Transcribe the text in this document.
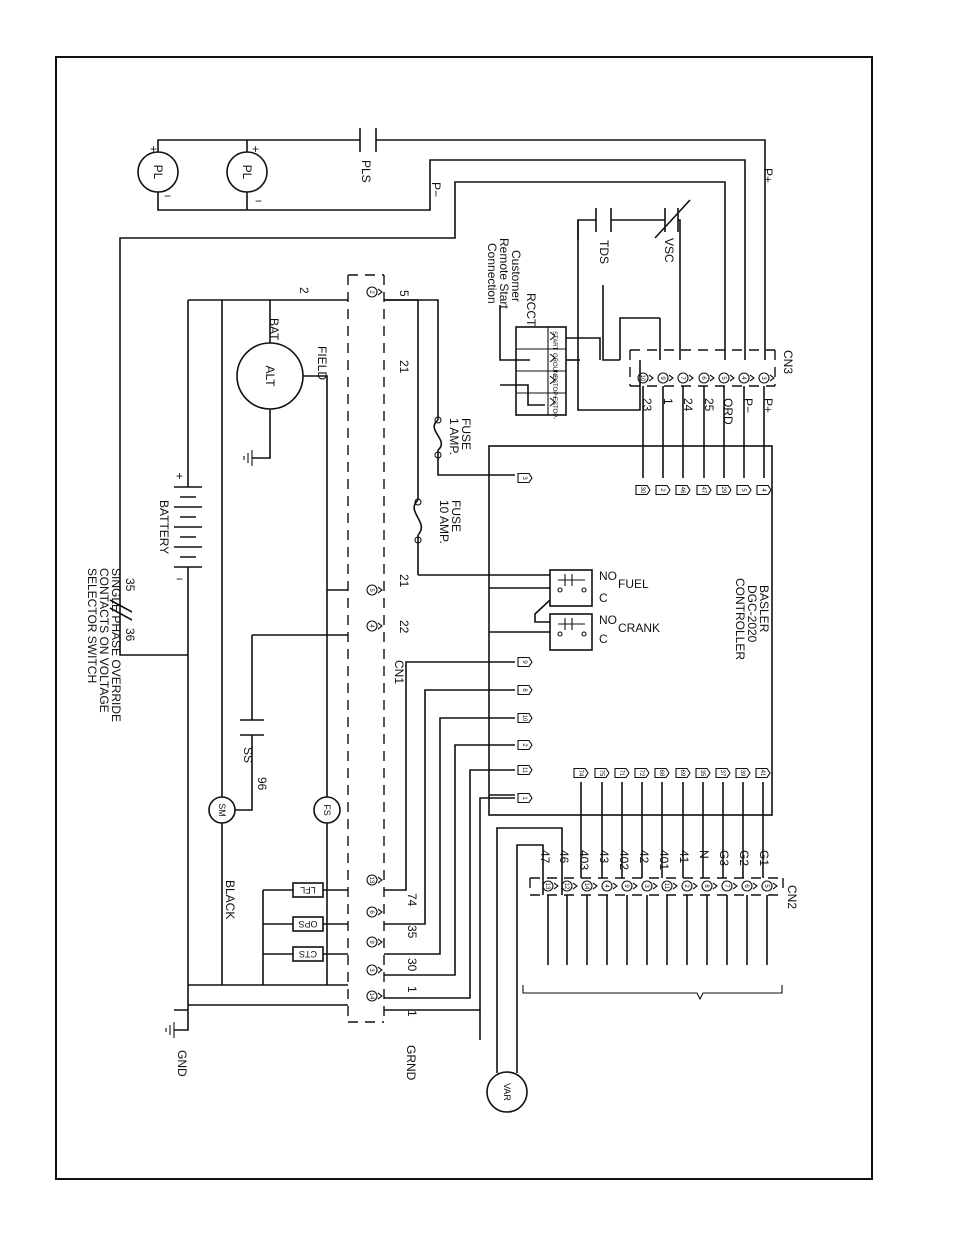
PL
+
−
PL
+
−
PLS	P+
P−
TDS	VSC
Customer
Remote Start
Connection
RCCT
START
GROUND
ESTOP+
ESTOP-
CN3
10 9 7	6 5 4 3
23 1 24 25 ORD P− P+
BASLER
DGC-2020
CONTROLLER
30 2 46	47 29 5 4
3
9
8
10
2
11
1
74	75 71 72 68	69 35 37 39 41
NO
C
FUEL
NO
C
CRANK
CN1
2
5
4
13
6
9
3
14
2	5
21
21
22
74
35
30
1
1
GRND
FUSE
1 AMP.
FUSE
10 AMP.
ALT
BAT
FIELD
+
−
BATTERY
35
36
SINGLE PHASE OVERRIDE
CONTACTS ON VOLTAGE
SELECTOR SWITCH
SS
96
SM
BLACK
FS
LFL
OPS
CTS
GND
VAR
CN2
13 12 14 4 9 3 11 2 8 7 6 5
47 46 403 43 402 42 401 41 N G3 G2 G1
